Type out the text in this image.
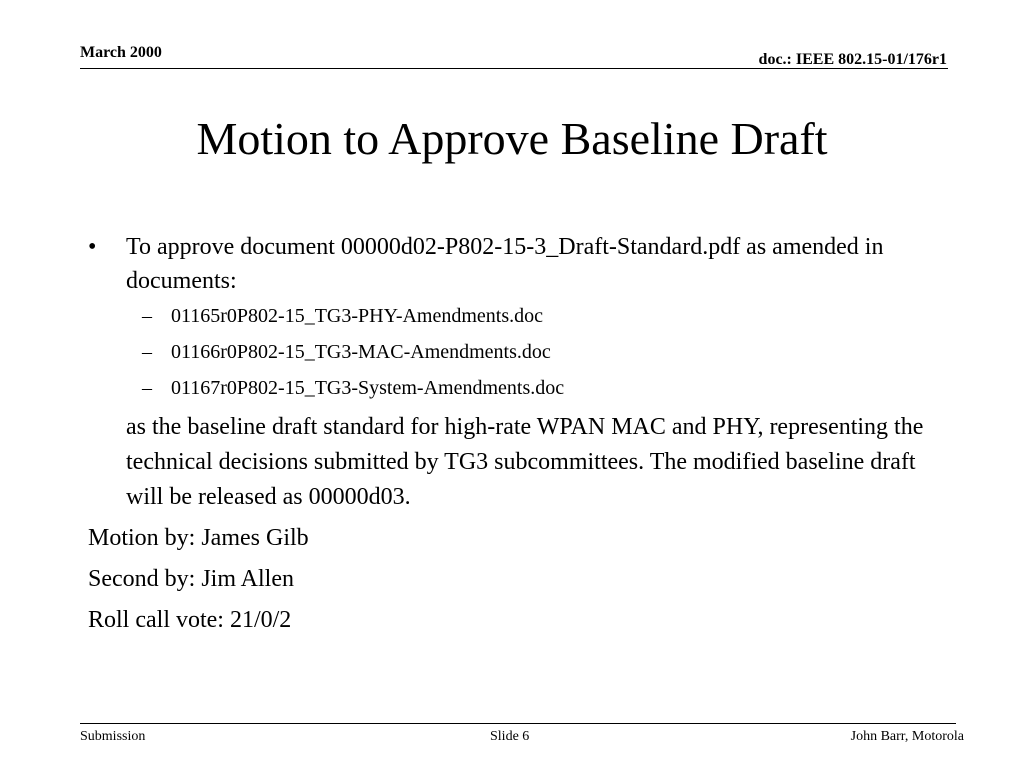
March 2000	doc.: IEEE 802.15-01/176r1
Motion to Approve Baseline Draft
• To approve document 00000d02-P802-15-3_Draft-Standard.pdf as amended in documents:
– 01165r0P802-15_TG3-PHY-Amendments.doc
– 01166r0P802-15_TG3-MAC-Amendments.doc
– 01167r0P802-15_TG3-System-Amendments.doc
as the baseline draft standard for high-rate WPAN MAC and PHY, representing the technical decisions submitted by TG3 subcommittees. The modified baseline draft will be released as 00000d03.
Motion by: James Gilb
Second by: Jim Allen
Roll call vote: 21/0/2
Submission	Slide 6	John Barr, Motorola
